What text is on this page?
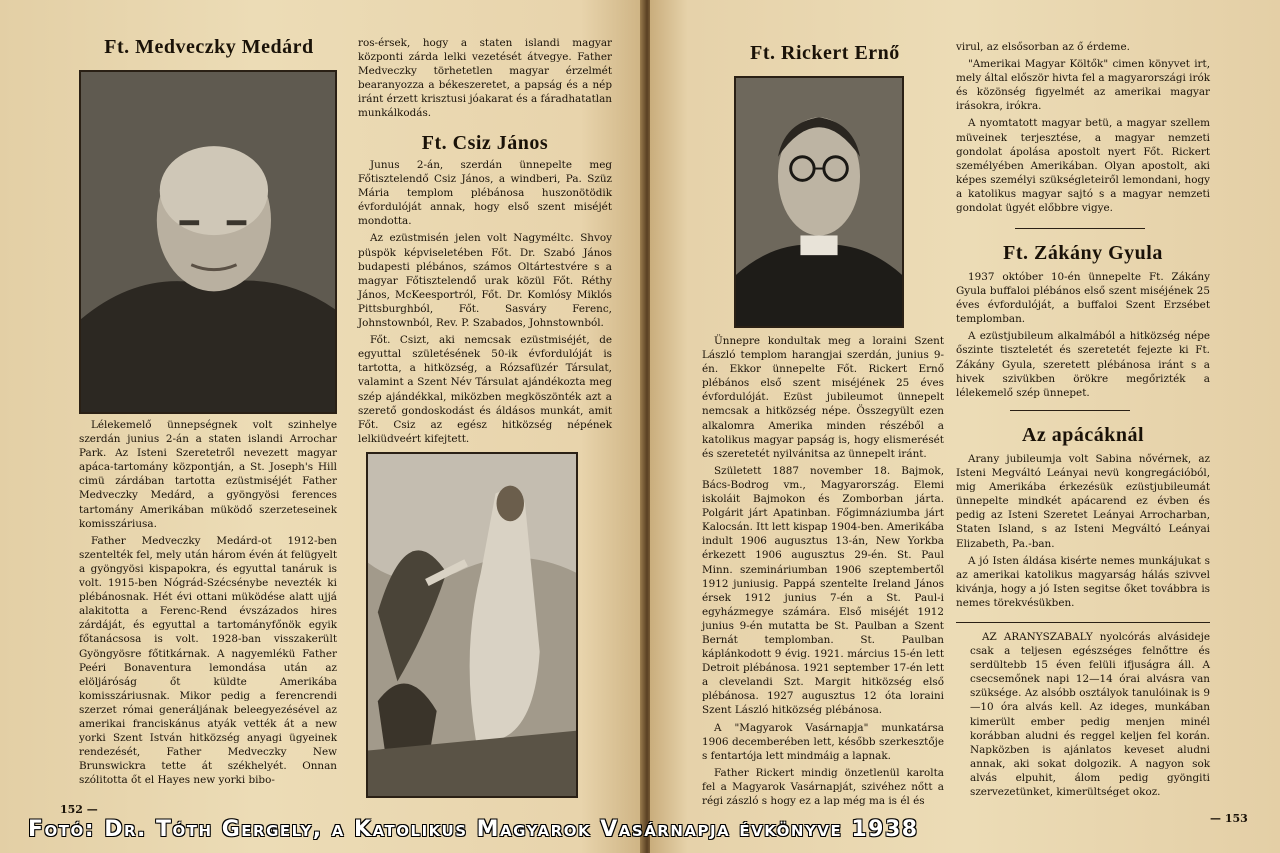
Ft. Medveczky Medárd

Lélekemelő ünnepségnek volt szinhelye szerdán junius 2-án a staten islandi Arrochar Park. Az Isteni Szeretetről nevezett magyar apáca-tartomány központján, a St. Joseph's Hill cimü zárdában tartotta ezüstmiséjét Father Medveczky Medárd, a gyöngyösi ferences tartomány Amerikában müködő szerzeteseinek komisszáriusa.

Father Medveczky Medárd-ot 1912-ben szentelték fel, mely után három évén át felügyelt a gyöngyösi kispapokra, és egyuttal tanáruk is volt. 1915-ben Nógrád-Szécsénybe nevezték ki plébánosnak. Hét évi ottani müködése alatt ujjá alakitotta a Ferenc-Rend évszázados hires zárdáját, és egyuttal a tartományfőnök egyik főtanácsosa is volt. 1928-ban visszakerült Gyöngyösre főtitkárnak. A nagyemlékü Father Peéri Bonaventura lemondása után az elöljáróság őt küldte Amerikába komisszáriusnak. Mikor pedig a ferencrendi szerzet római generáljának beleegyezésével az amerikai franciskánus atyák vették át a new yorki Szent István hitközség anyagi ügyeinek rendezését, Father Medveczky New Brunswickra tette át székhelyét. Onnan szólitotta őt el Hayes new yorki bibo-

ros-érsek, hogy a staten islandi magyar központi zárda lelki vezetését átvegye. Father Medveczky törhetetlen magyar érzelmét bearanyozza a békeszeretet, a papság és a nép iránt érzett krisztusi jóakarat és a fáradhatatlan munkálkodás.

Ft. Csiz János

Junus 2-án, szerdán ünnepelte meg Főtisztelendő Csiz János, a windberi, Pa. Szüz Mária templom plébánosa huszonötödik évfordulóját annak, hogy első szent miséjét mondotta.

Az ezüstmisén jelen volt Nagyméltс. Shvoy püspök képviseletében Főt. Dr. Szabó János budapesti plébános, számos Oltártestvére s a magyar Főtisztelendő urak közül Főt. Réthy János, McKeesportról, Főt. Dr. Komlósy Miklós Pittsburghból, Főt. Sasváry Ferenc, Johnstownból, Rev. P. Szabados, Johnstownból.

Főt. Csizt, aki nemcsak ezüstmiséjét, de egyuttal születésének 50-ik évfordulóját is tartotta, a hitközség, a Rózsafüzér Társulat, valamint a Szent Név Társulat ajándékozta meg szép ajándékkal, miközben megköszönték azt a szerető gondoskodást és áldásos munkát, amit Főt. Csiz az egész hitközség népének lelkiüdveért kifejtett.

152 —
Ft. Rickert Ernő

Ünnepre kondultak meg a loraini Szent László templom harangjai szerdán, junius 9-én. Ekkor ünnepelte Főt. Rickert Ernő plébános első szent miséjének 25 éves évfordulóját. Ezüst jubileumot ünnepelt nemcsak a hitközség népe. Összegyült ezen alkalomra Amerika minden részéből a katolikus magyar papság is, hogy elismerését és szeretetét nyilvánitsa az ünnepelt iránt.

Született 1887 november 18. Bajmok, Bács-Bodrog vm., Magyarország. Elemi iskoláit Bajmokon és Zomborban járta. Polgárit járt Apatinban. Főgimnáziumba járt Kalocsán. Itt lett kispap 1904-ben. Amerikába indult 1906 augusztus 13-án, New Yorkba érkezett 1906 augusztus 29-én. St. Paul Minn. szemináriumban 1906 szeptembertől 1912 juniusig. Pappá szentelte Ireland János érsek 1912 junius 7-én a St. Paul-i egyházmegye számára. Első miséjét 1912 junius 9-én mutatta be St. Paulban a Szent Bernát templomban. St. Paulban káplánkodott 9 évig. 1921. március 15-én lett Detroit plébánosa. 1921 september 17-én lett a clevelandi Szt. Margit hitközség első plébánosa. 1927 augusztus 12 óta loraini Szent László hitközség plébánosa.

A "Magyarok Vasárnapja" munkatársa 1906 decemberében lett, később szerkesztője s fentartója lett mindmáig a lapnak.

Father Rickert mindig önzetlenül karolta fel a Magyarok Vasárnapját, szivéhez nőtt a régi zászló s hogy ez a lap még ma is él és

virul, az elsősorban az ő érdeme.

"Amerikai Magyar Költők" cimen könyvet irt, mely által először hivta fel a magyarországi irók és közönség figyelmét az amerikai magyar irásokra, irókra.

A nyomtatott magyar betü, a magyar szellem müveinek terjesztése, a magyar nemzeti gondolat ápolása apostolt nyert Főt. Rickert személyében Amerikában. Olyan apostolt, aki képes személyi szükségleteiről lemondani, hogy a katolikus magyar sajtó s a magyar nemzeti gondolat ügyét előbbre vigye.

Ft. Zákány Gyula

1937 október 10-én ünnepelte Ft. Zákány Gyula buffaloi plébános első szent miséjének 25 éves évfordulóját, a buffaloi Szent Erzsébet templomban.

A ezüstjubileum alkalmából a hitközség népe őszinte tiszteletét és szeretetét fejezte ki Ft. Zákány Gyula, szeretett plébánosa iránt s a hivek szivükben örökre megőrizték a lélekemelő szép ünnepet.

Az apácáknál

Arany jubileumja volt Sabina nővérnek, az Isteni Megváltó Leányai nevü kongregációból, mig Amerikába érkezésük ezüstjubileumát ünnepelte mindkét apácarend ez évben és pedig az Isteni Szeretet Leányai Arrocharban, Staten Island, s az Isteni Megváltó Leányai Elizabeth, Pa.-ban.

A jó Isten áldása kisérte nemes munkájukat s az amerikai katolikus magyarság hálás szivvel kivánja, hogy a jó Isten segitse őket továbbra is nemes törekvésükben.

AZ ARANYSZABALY nyolcórás alvásideje csak a teljesen egészséges felnőttre és serdültebb 15 éven felüli ifjuságra áll. A csecsemőnek napi 12—14 órai alvásra van szüksége. Az alsóbb osztályok tanulóinak is 9—10 óra alvás kell. Az ideges, munkában kimerült ember pedig menjen minél korábban aludni és reggel keljen fel korán. Napközben is ajánlatos keveset aludni annak, aki sokat dolgozik. A nagyon sok alvás elpuhit, álom pedig gyöngiti szervezetünket, kimerültséget okoz.

— 153
Fotó: Dr. Tóth Gergely, a Katolikus Magyarok Vasárnapja évkönyve 1938
